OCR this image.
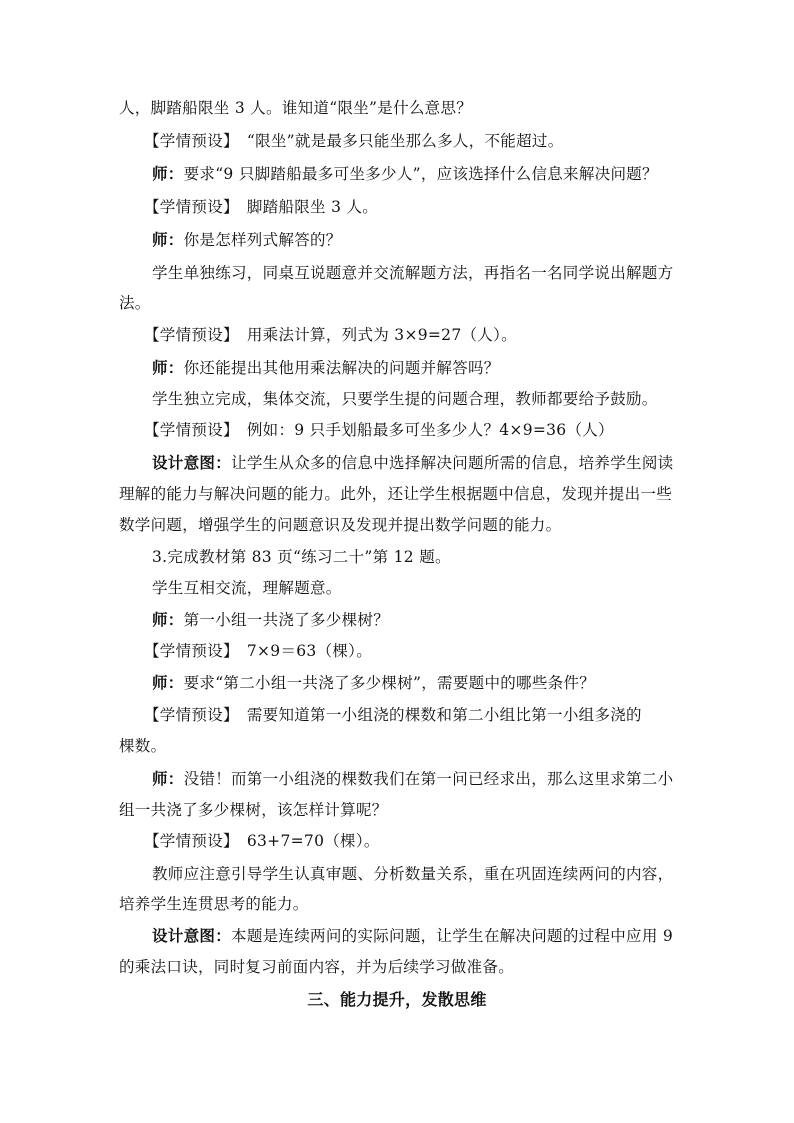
人，脚踏船限坐 3 人。谁知道“限坐”是什么意思？
【学情预设】　“限坐”就是最多只能坐那么多人，不能超过。
师：要求“9 只脚踏船最多可坐多少人”，应该选择什么信息来解决问题？
【学情预设】　脚踏船限坐 3 人。
师：你是怎样列式解答的？
学生单独练习，同桌互说题意并交流解题方法，再指名一名同学说出解题方
法。
【学情预设】　用乘法计算，列式为 3×9=27（人）。
师：你还能提出其他用乘法解决的问题并解答吗？
学生独立完成，集体交流，只要学生提的问题合理，教师都要给予鼓励。
【学情预设】　例如：9 只手划船最多可坐多少人？4×9=36（人）
设计意图：让学生从众多的信息中选择解决问题所需的信息，培养学生阅读
理解的能力与解决问题的能力。此外，还让学生根据题中信息，发现并提出一些
数学问题，增强学生的问题意识及发现并提出数学问题的能力。
3.完成教材第 83 页“练习二十”第 12 题。
学生互相交流，理解题意。
师：第一小组一共浇了多少棵树？
【学情预设】　7×9＝63（棵）。
师：要求“第二小组一共浇了多少棵树”，需要题中的哪些条件？
【学情预设】　需要知道第一小组浇的棵数和第二小组比第一小组多浇的
棵数。
师：没错！而第一小组浇的棵数我们在第一问已经求出，那么这里求第二小
组一共浇了多少棵树，该怎样计算呢？
【学情预设】　63+7=70（棵）。
教师应注意引导学生认真审题、分析数量关系，重在巩固连续两问的内容，
培养学生连贯思考的能力。
设计意图：本题是连续两问的实际问题，让学生在解决问题的过程中应用 9
的乘法口诀，同时复习前面内容，并为后续学习做准备。
三、能力提升，发散思维
